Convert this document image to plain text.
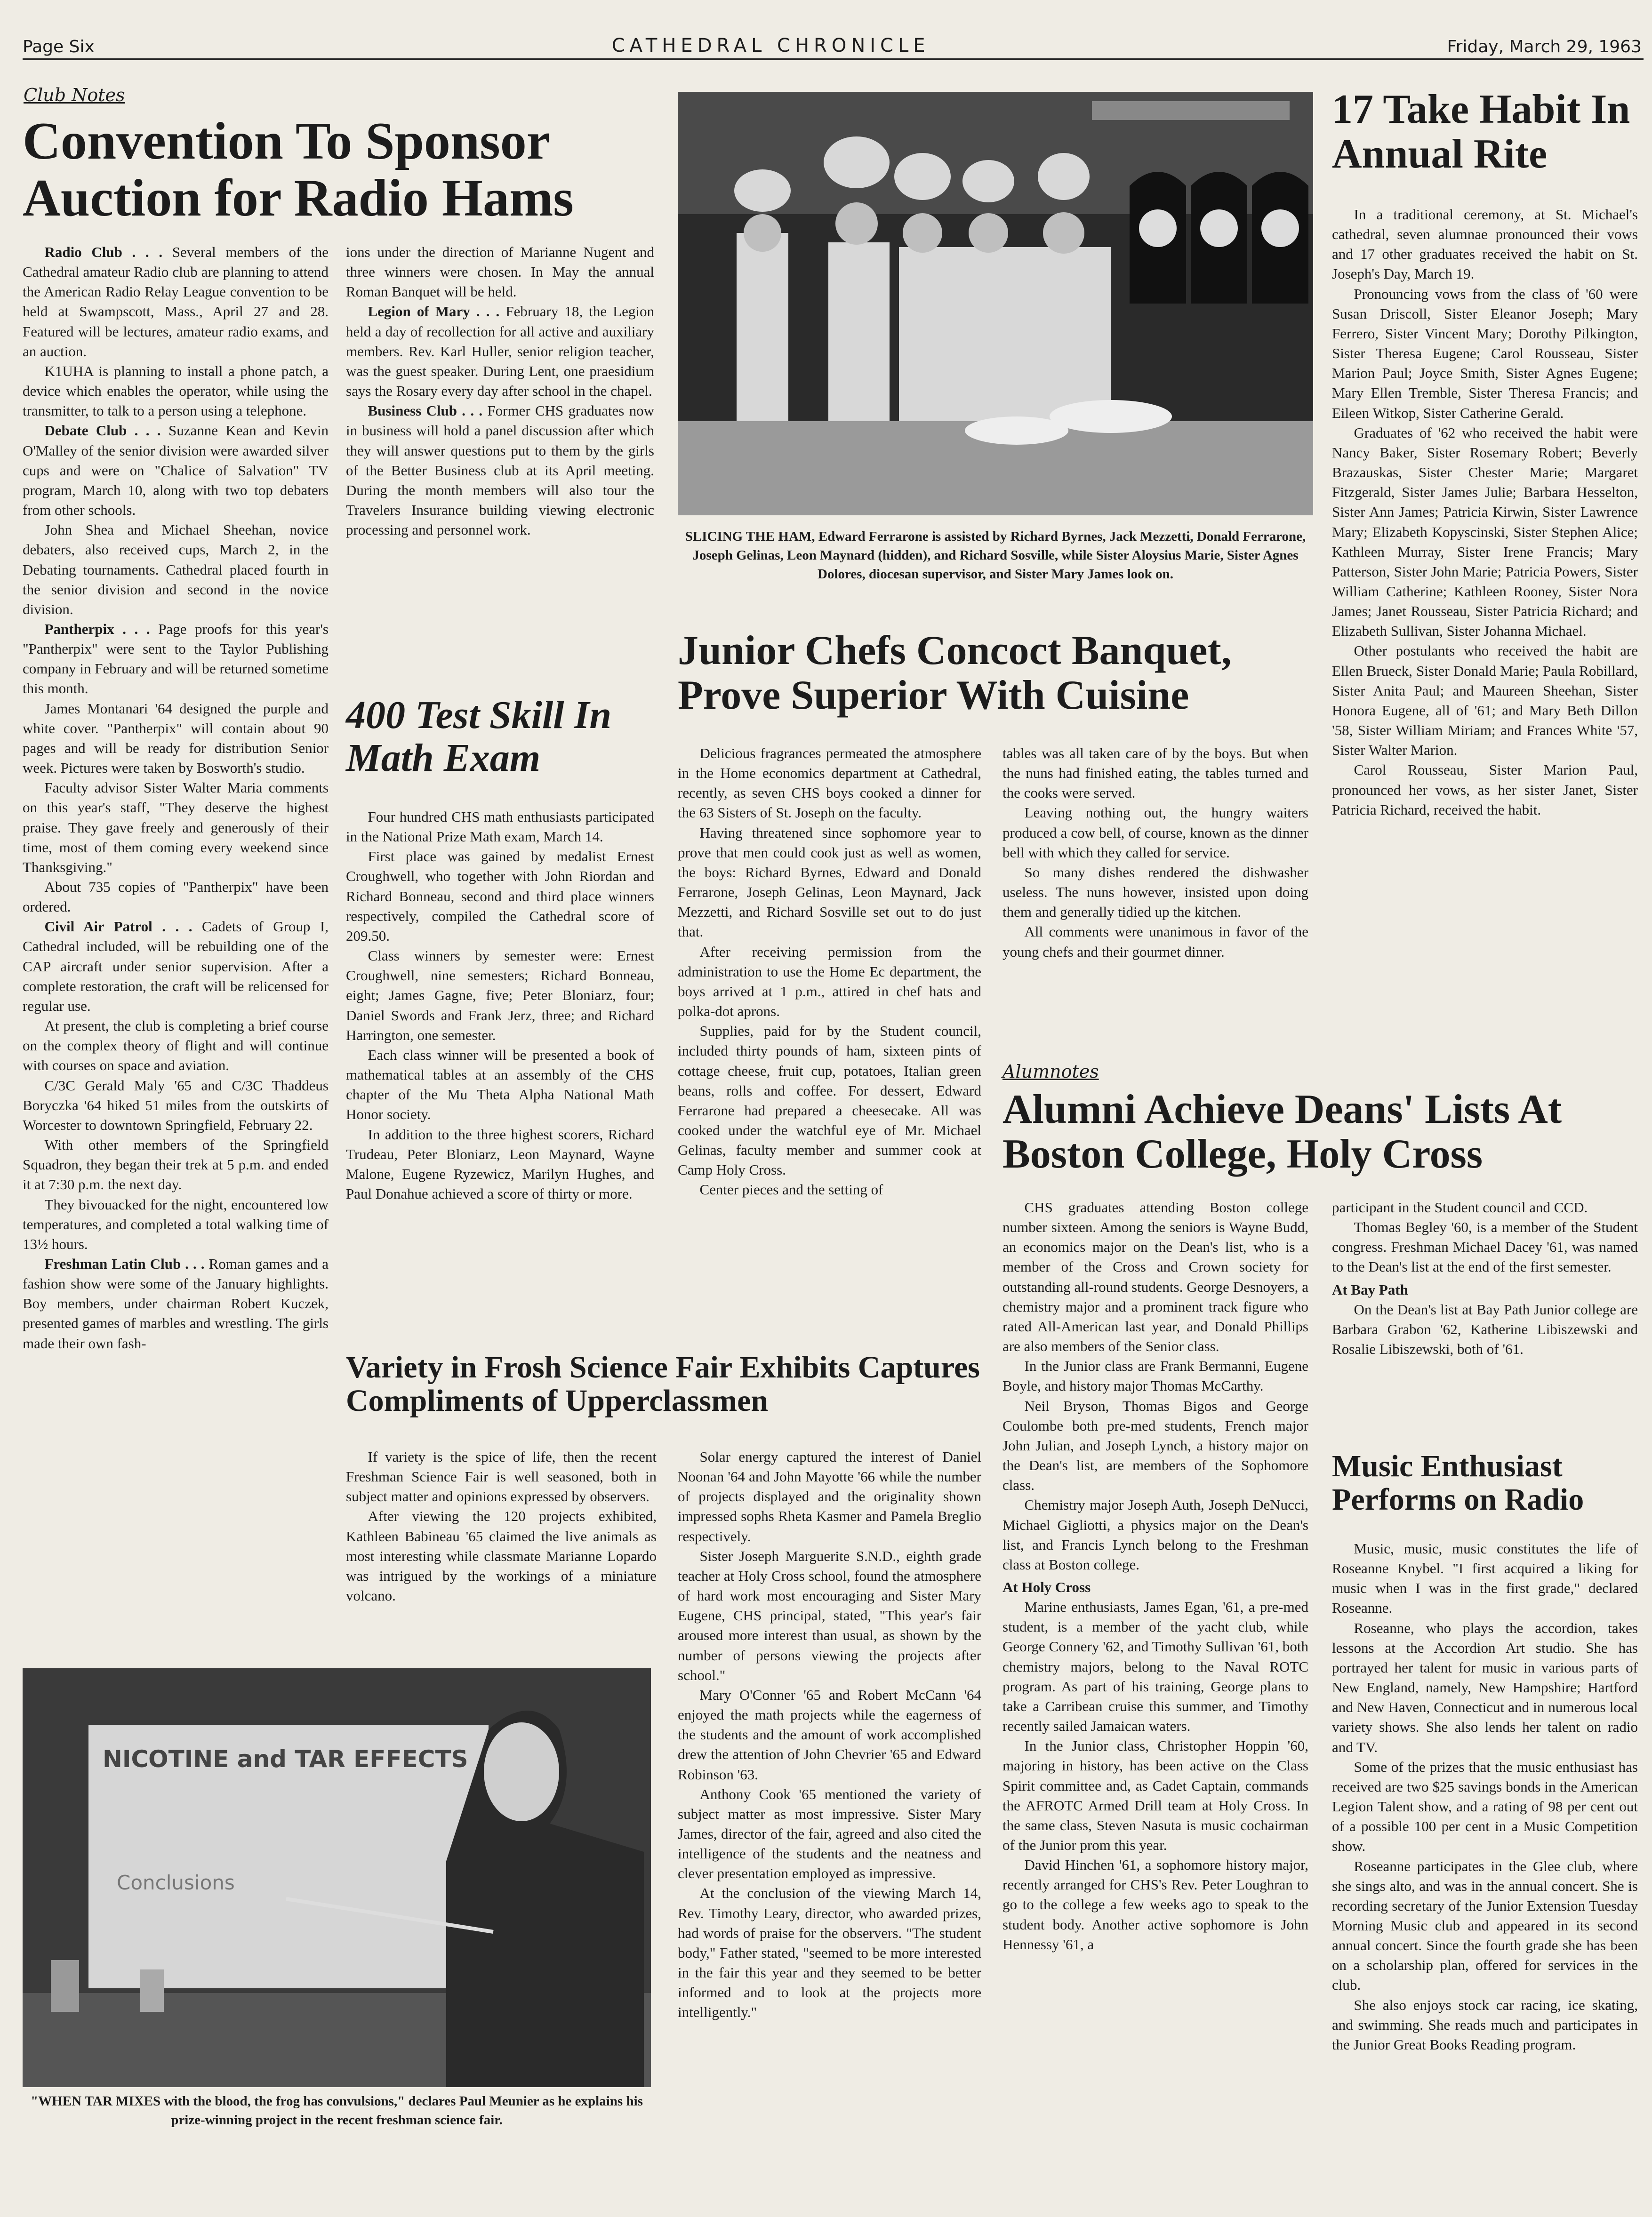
Page Six	CATHEDRAL CHRONICLE	Friday, March 29, 1963
Club Notes
Convention To Sponsor Auction for Radio Hams

Radio Club . . . Several members of the Cathedral amateur Radio club are planning to attend the American Radio Relay League convention to be held at Swampscott, Mass., April 27 and 28. Featured will be lectures, amateur radio exams, and an auction.

K1UHA is planning to install a phone patch, a device which enables the operator, while using the transmitter, to talk to a person using a telephone.

Debate Club . . . Suzanne Kean and Kevin O'Malley of the senior division were awarded silver cups and were on "Chalice of Salvation" TV program, March 10, along with two top debaters from other schools.

John Shea and Michael Sheehan, novice debaters, also received cups, March 2, in the Debating tournaments. Cathedral placed fourth in the senior division and second in the novice division.

Pantherpix . . . Page proofs for this year's "Pantherpix" were sent to the Taylor Publishing company in February and will be returned sometime this month.

James Montanari '64 designed the purple and white cover. "Pantherpix" will contain about 90 pages and will be ready for distribution Senior week. Pictures were taken by Bosworth's studio.

Faculty advisor Sister Walter Maria comments on this year's staff, "They deserve the highest praise. They gave freely and generously of their time, most of them coming every weekend since Thanksgiving."

About 735 copies of "Pantherpix" have been ordered.

Civil Air Patrol . . . Cadets of Group I, Cathedral included, will be rebuilding one of the CAP aircraft under senior supervision. After a complete restoration, the craft will be relicensed for regular use.

At present, the club is completing a brief course on the complex theory of flight and will continue with courses on space and aviation.

C/3C Gerald Maly '65 and C/3C Thaddeus Boryczka '64 hiked 51 miles from the outskirts of Worcester to downtown Springfield, February 22.

With other members of the Springfield Squadron, they began their trek at 5 p.m. and ended it at 7:30 p.m. the next day.

They bivouacked for the night, encountered low temperatures, and completed a total walking time of 13½ hours.

Freshman Latin Club . . . Roman games and a fashion show were some of the January highlights. Boy members, under chairman Robert Kuczek, presented games of marbles and wrestling. The girls made their own fash-

ions under the direction of Marianne Nugent and three winners were chosen. In May the annual Roman Banquet will be held.

Legion of Mary . . . February 18, the Legion held a day of recollection for all active and auxiliary members. Rev. Karl Huller, senior religion teacher, was the guest speaker. During Lent, one praesidium says the Rosary every day after school in the chapel.

Business Club . . . Former CHS graduates now in business will hold a panel discussion after which they will answer questions put to them by the girls of the Better Business club at its April meeting. During the month members will also tour the Travelers Insurance building viewing electronic processing and personnel work.

400 Test Skill In Math Exam

Four hundred CHS math enthusiasts participated in the National Prize Math exam, March 14.

First place was gained by medalist Ernest Croughwell, who together with John Riordan and Richard Bonneau, second and third place winners respectively, compiled the Cathedral score of 209.50.

Class winners by semester were: Ernest Croughwell, nine semesters; Richard Bonneau, eight; James Gagne, five; Peter Bloniarz, four; Daniel Swords and Frank Jerz, three; and Richard Harrington, one semester.

Each class winner will be presented a book of mathematical tables at an assembly of the CHS chapter of the Mu Theta Alpha National Math Honor society.

In addition to the three highest scorers, Richard Trudeau, Peter Bloniarz, Leon Maynard, Wayne Malone, Eugene Ryzewicz, Marilyn Hughes, and Paul Donahue achieved a score of thirty or more.

SLICING THE HAM, Edward Ferrarone is assisted by Richard Byrnes, Jack Mezzetti, Donald Ferrarone, Joseph Gelinas, Leon Maynard (hidden), and Richard Sosville, while Sister Aloysius Marie, Sister Agnes Dolores, diocesan supervisor, and Sister Mary James look on.
Junior Chefs Concoct Banquet, Prove Superior With Cuisine

Delicious fragrances permeated the atmosphere in the Home economics department at Cathedral, recently, as seven CHS boys cooked a dinner for the 63 Sisters of St. Joseph on the faculty.

Having threatened since sophomore year to prove that men could cook just as well as women, the boys: Richard Byrnes, Edward and Donald Ferrarone, Joseph Gelinas, Leon Maynard, Jack Mezzetti, and Richard Sosville set out to do just that.

After receiving permission from the administration to use the Home Ec department, the boys arrived at 1 p.m., attired in chef hats and polka-dot aprons.

Supplies, paid for by the Student council, included thirty pounds of ham, sixteen pints of cottage cheese, fruit cup, potatoes, Italian green beans, rolls and coffee. For dessert, Edward Ferrarone had prepared a cheesecake. All was cooked under the watchful eye of Mr. Michael Gelinas, faculty member and summer cook at Camp Holy Cross.

Center pieces and the setting of

tables was all taken care of by the boys. But when the nuns had finished eating, the tables turned and the cooks were served.

Leaving nothing out, the hungry waiters produced a cow bell, of course, known as the dinner bell with which they called for service.

So many dishes rendered the dishwasher useless. The nuns however, insisted upon doing them and generally tidied up the kitchen.

All comments were unanimous in favor of the young chefs and their gourmet dinner.

17 Take Habit In Annual Rite

In a traditional ceremony, at St. Michael's cathedral, seven alumnae pronounced their vows and 17 other graduates received the habit on St. Joseph's Day, March 19.

Pronouncing vows from the class of '60 were Susan Driscoll, Sister Eleanor Joseph; Mary Ferrero, Sister Vincent Mary; Dorothy Pilkington, Sister Theresa Eugene; Carol Rousseau, Sister Marion Paul; Joyce Smith, Sister Agnes Eugene; Mary Ellen Tremble, Sister Theresa Francis; and Eileen Witkop, Sister Catherine Gerald.

Graduates of '62 who received the habit were Nancy Baker, Sister Rosemary Robert; Beverly Brazauskas, Sister Chester Marie; Margaret Fitzgerald, Sister James Julie; Barbara Hesselton, Sister Ann James; Patricia Kirwin, Sister Lawrence Mary; Elizabeth Kopyscinski, Sister Stephen Alice; Kathleen Murray, Sister Irene Francis; Mary Patterson, Sister John Marie; Patricia Powers, Sister William Catherine; Kathleen Rooney, Sister Nora James; Janet Rousseau, Sister Patricia Richard; and Elizabeth Sullivan, Sister Johanna Michael.

Other postulants who received the habit are Ellen Brueck, Sister Donald Marie; Paula Robillard, Sister Anita Paul; and Maureen Sheehan, Sister Honora Eugene, all of '61; and Mary Beth Dillon '58, Sister William Miriam; and Frances White '57, Sister Walter Marion.

Carol Rousseau, Sister Marion Paul, pronounced her vows, as her sister Janet, Sister Patricia Richard, received the habit.

Alumnotes
Alumni Achieve Deans' Lists At Boston College, Holy Cross

CHS graduates attending Boston college number sixteen. Among the seniors is Wayne Budd, an economics major on the Dean's list, who is a member of the Cross and Crown society for outstanding all-round students. George Desnoyers, a chemistry major and a prominent track figure who rated All-American last year, and Donald Phillips are also members of the Senior class.

In the Junior class are Frank Bermanni, Eugene Boyle, and history major Thomas McCarthy.

Neil Bryson, Thomas Bigos and George Coulombe both pre-med students, French major John Julian, and Joseph Lynch, a history major on the Dean's list, are members of the Sophomore class.

Chemistry major Joseph Auth, Joseph DeNucci, Michael Gigliotti, a physics major on the Dean's list, and Francis Lynch belong to the Freshman class at Boston college.

At Holy Cross

Marine enthusiasts, James Egan, '61, a pre-med student, is a member of the yacht club, while George Connery '62, and Timothy Sullivan '61, both chemistry majors, belong to the Naval ROTC program. As part of his training, George plans to take a Carribean cruise this summer, and Timothy recently sailed Jamaican waters.

In the Junior class, Christopher Hoppin '60, majoring in history, has been active on the Class Spirit committee and, as Cadet Captain, commands the AFROTC Armed Drill team at Holy Cross. In the same class, Steven Nasuta is music cochairman of the Junior prom this year.

David Hinchen '61, a sophomore history major, recently arranged for CHS's Rev. Peter Loughran to go to the college a few weeks ago to speak to the student body. Another active sophomore is John Hennessy '61, a

participant in the Student council and CCD.

Thomas Begley '60, is a member of the Student congress. Freshman Michael Dacey '61, was named to the Dean's list at the end of the first semester.

At Bay Path

On the Dean's list at Bay Path Junior college are Barbara Grabon '62, Katherine Libiszewski and Rosalie Libiszewski, both of '61.

Music Enthusiast Performs on Radio

Music, music, music constitutes the life of Roseanne Knybel. "I first acquired a liking for music when I was in the first grade," declared Roseanne.

Roseanne, who plays the accordion, takes lessons at the Accordion Art studio. She has portrayed her talent for music in various parts of New England, namely, New Hampshire; Hartford and New Haven, Connecticut and in numerous local variety shows. She also lends her talent on radio and TV.

Some of the prizes that the music enthusiast has received are two $25 savings bonds in the American Legion Talent show, and a rating of 98 per cent out of a possible 100 per cent in a Music Competition show.

Roseanne participates in the Glee club, where she sings alto, and was in the annual concert. She is recording secretary of the Junior Extension Tuesday Morning Music club and appeared in its second annual concert. Since the fourth grade she has been on a scholarship plan, offered for services in the club.

She also enjoys stock car racing, ice skating, and swimming. She reads much and participates in the Junior Great Books Reading program.

Variety in Frosh Science Fair Exhibits Captures Compliments of Upperclassmen

If variety is the spice of life, then the recent Freshman Science Fair is well seasoned, both in subject matter and opinions expressed by observers.

After viewing the 120 projects exhibited, Kathleen Babineau '65 claimed the live animals as most interesting while classmate Marianne Lopardo was intrigued by the workings of a miniature volcano.

Solar energy captured the interest of Daniel Noonan '64 and John Mayotte '66 while the number of projects displayed and the originality shown impressed sophs Rheta Kasmer and Pamela Breglio respectively.

Sister Joseph Marguerite S.N.D., eighth grade teacher at Holy Cross school, found the atmosphere of hard work most encouraging and Sister Mary Eugene, CHS principal, stated, "This year's fair aroused more interest than usual, as shown by the number of persons viewing the projects after school."

Mary O'Conner '65 and Robert McCann '64 enjoyed the math projects while the eagerness of the students and the amount of work accomplished drew the attention of John Chevrier '65 and Edward Robinson '63.

Anthony Cook '65 mentioned the variety of subject matter as most impressive. Sister Mary James, director of the fair, agreed and also cited the intelligence of the students and the neatness and clever presentation employed as impressive.

At the conclusion of the viewing March 14, Rev. Timothy Leary, director, who awarded prizes, had words of praise for the observers. "The student body," Father stated, "seemed to be more interested in the fair this year and they seemed to be better informed and to look at the projects more intelligently."

NICOTINE and TAR EFFECTS
Conclusions
"WHEN TAR MIXES with the blood, the frog has convulsions," declares Paul Meunier as he explains his prize-winning project in the recent freshman science fair.
